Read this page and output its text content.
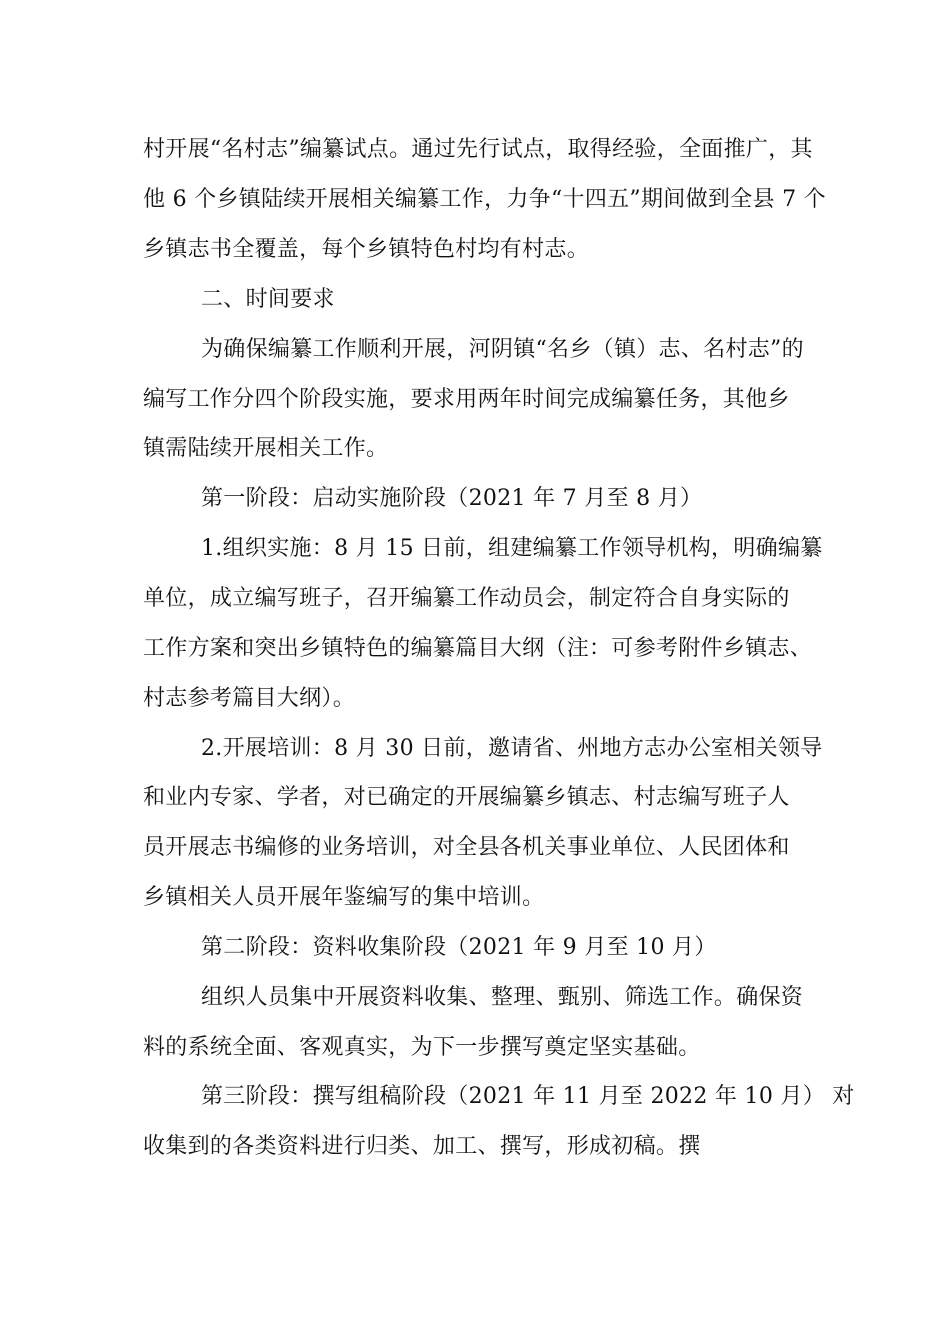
村开展“名村志”编纂试点。通过先行试点，取得经验，全面推广，其
他 6 个乡镇陆续开展相关编纂工作，力争“十四五”期间做到全县 7 个
乡镇志书全覆盖，每个乡镇特色村均有村志。
二、时间要求
为确保编纂工作顺利开展，河阴镇“名乡（镇）志、名村志”的
编写工作分四个阶段实施，要求用两年时间完成编纂任务，其他乡
镇需陆续开展相关工作。
第一阶段：启动实施阶段（2021 年 7 月至 8 月）
1.组织实施：8 月 15 日前，组建编纂工作领导机构，明确编纂
单位，成立编写班子，召开编纂工作动员会，制定符合自身实际的
工作方案和突出乡镇特色的编纂篇目大纲（注：可参考附件乡镇志、
村志参考篇目大纲）。
2.开展培训：8 月 30 日前，邀请省、州地方志办公室相关领导
和业内专家、学者，对已确定的开展编纂乡镇志、村志编写班子人
员开展志书编修的业务培训，对全县各机关事业单位、人民团体和
乡镇相关人员开展年鉴编写的集中培训。
第二阶段：资料收集阶段（2021 年 9 月至 10 月）
组织人员集中开展资料收集、整理、甄别、筛选工作。确保资
料的系统全面、客观真实，为下一步撰写奠定坚实基础。
第三阶段：撰写组稿阶段（2021 年 11 月至 2022 年 10 月） 对
收集到的各类资料进行归类、加工、撰写，形成初稿。撰
